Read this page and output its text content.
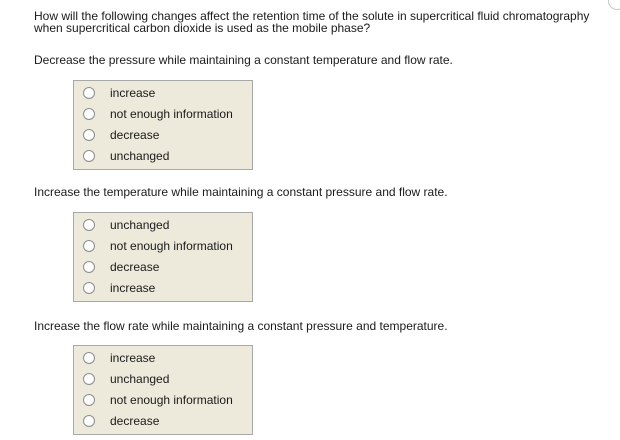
How will the following changes affect the retention time of the solute in supercritical fluid chromatography when supercritical carbon dioxide is used as the mobile phase?
Decrease the pressure while maintaining a constant temperature and flow rate.
increase
not enough information
decrease
unchanged
Increase the temperature while maintaining a constant pressure and flow rate.
unchanged
not enough information
decrease
increase
Increase the flow rate while maintaining a constant pressure and temperature.
increase
unchanged
not enough information
decrease
